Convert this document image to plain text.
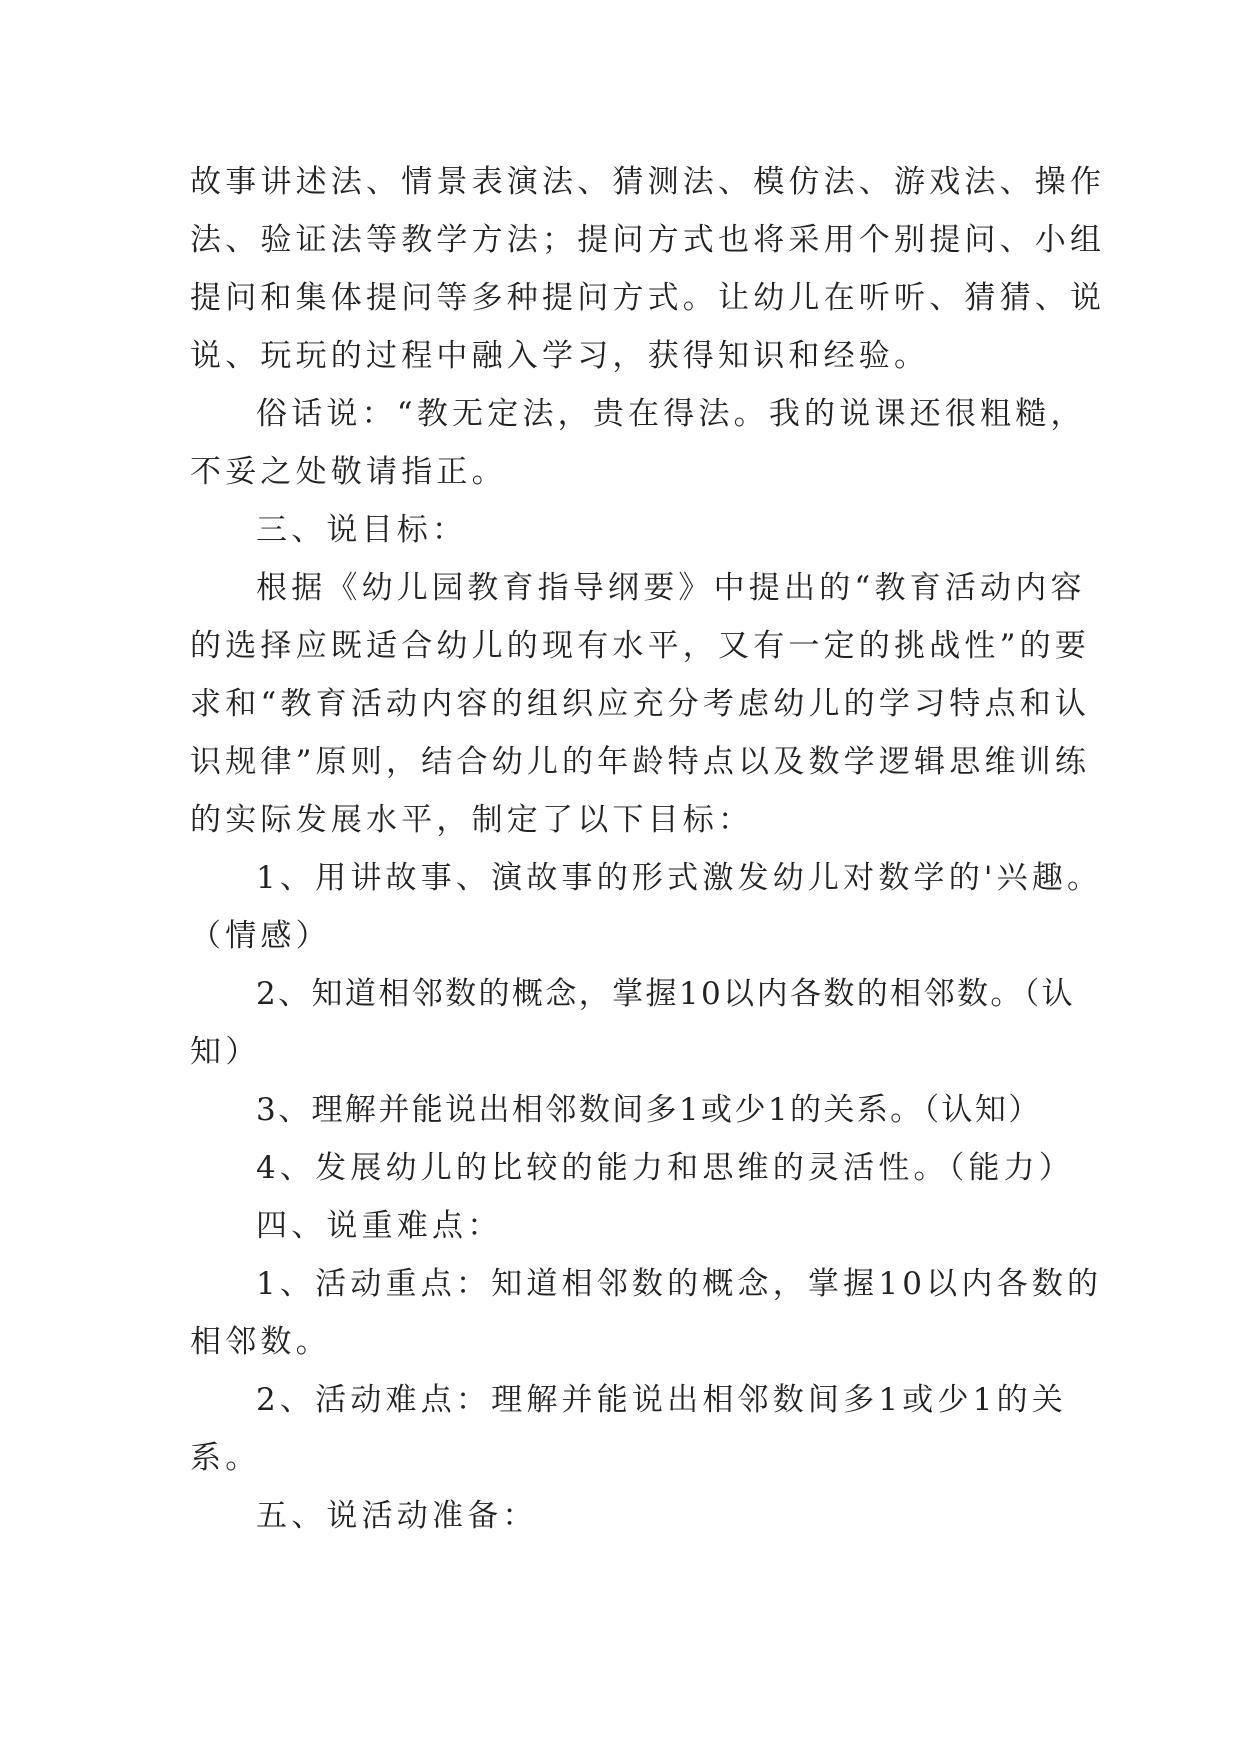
故事讲述法、情景表演法、猜测法、模仿法、游戏法、操作
法、验证法等教学方法；提问方式也将采用个别提问、小组
提问和集体提问等多种提问方式。让幼儿在听听、猜猜、说
说、玩玩的过程中融入学习，获得知识和经验。
俗话说：“教无定法，贵在得法。我的说课还很粗糙，
不妥之处敬请指正。
三、说目标：
根据《幼儿园教育指导纲要》中提出的“教育活动内容
的选择应既适合幼儿的现有水平，又有一定的挑战性”的要
求和“教育活动内容的组织应充分考虑幼儿的学习特点和认
识规律”原则，结合幼儿的年龄特点以及数学逻辑思维训练
的实际发展水平，制定了以下目标：
1、用讲故事、演故事的形式激发幼儿对数学的'兴趣。
（情感）
2、知道相邻数的概念，掌握10以内各数的相邻数。（认
知）
3、理解并能说出相邻数间多1或少1的关系。（认知）
4、发展幼儿的比较的能力和思维的灵活性。（能力）
四、说重难点：
1、活动重点：知道相邻数的概念，掌握10以内各数的
相邻数。
2、活动难点：理解并能说出相邻数间多1或少1的关
系。
五、说活动准备：
